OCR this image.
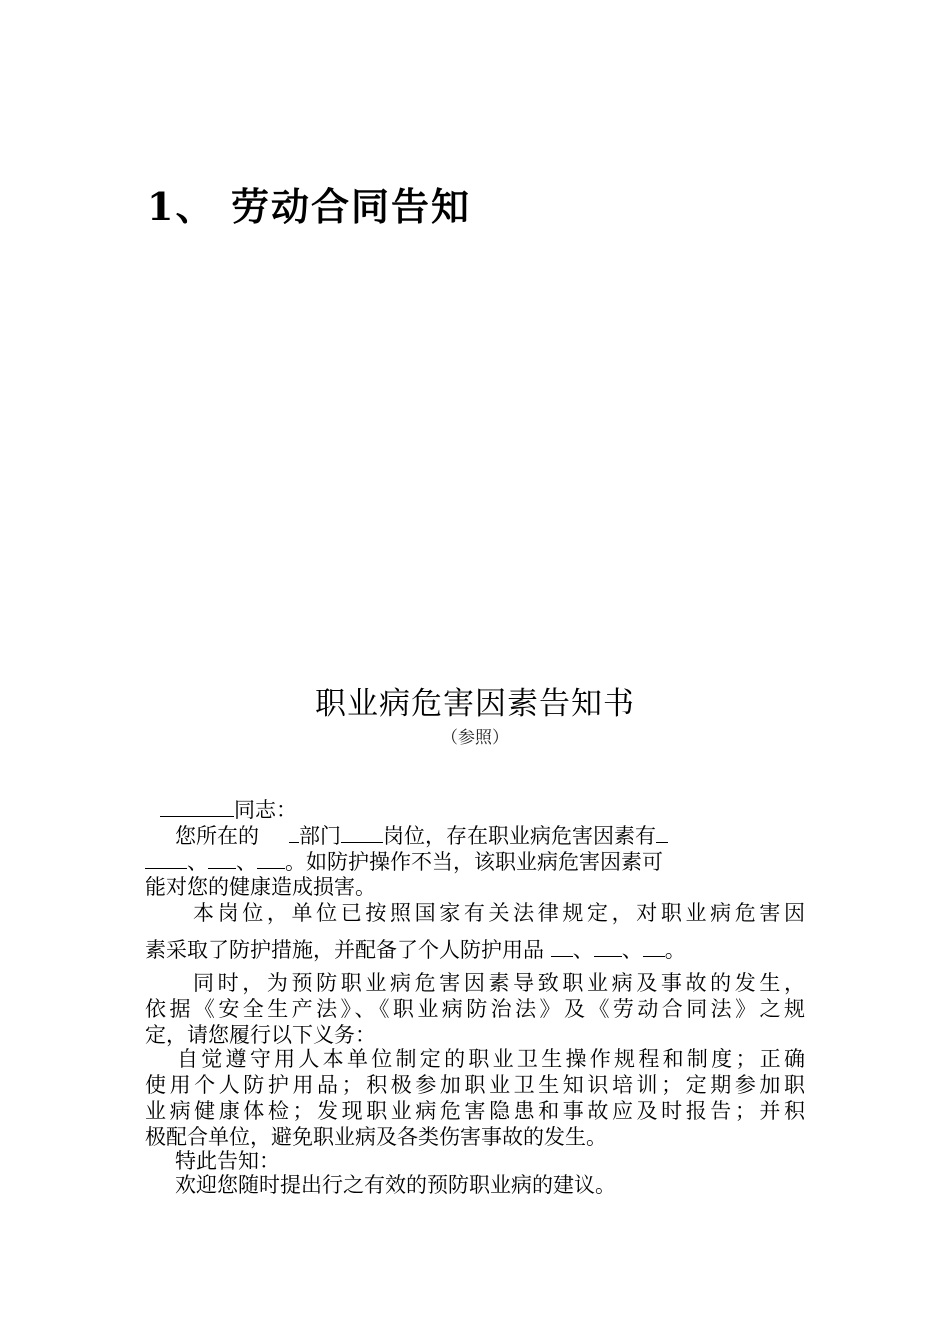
1、 劳动合同告知
职业病危害因素告知书
（参照）
同志：
您所在的 部门 岗位，存在职业病危害因素有
、 、 。如防护操作不当，该职业病危害因素可
能对您的健康造成损害。
本岗位，单位已按照国家有关法律规定，对职业病危害因
素采取了防护措施，并配备了个人防护用品 、 、 。
同时，为预防职业病危害因素导致职业病及事故的发生，
依据《安全生产法》、《职业病防治法》及《劳动合同法》之规
定，请您履行以下义务：
自觉遵守用人本单位制定的职业卫生操作规程和制度；正确
使用个人防护用品；积极参加职业卫生知识培训；定期参加职
业病健康体检；发现职业病危害隐患和事故应及时报告；并积
极配合单位，避免职业病及各类伤害事故的发生。
特此告知：
欢迎您随时提出行之有效的预防职业病的建议。
